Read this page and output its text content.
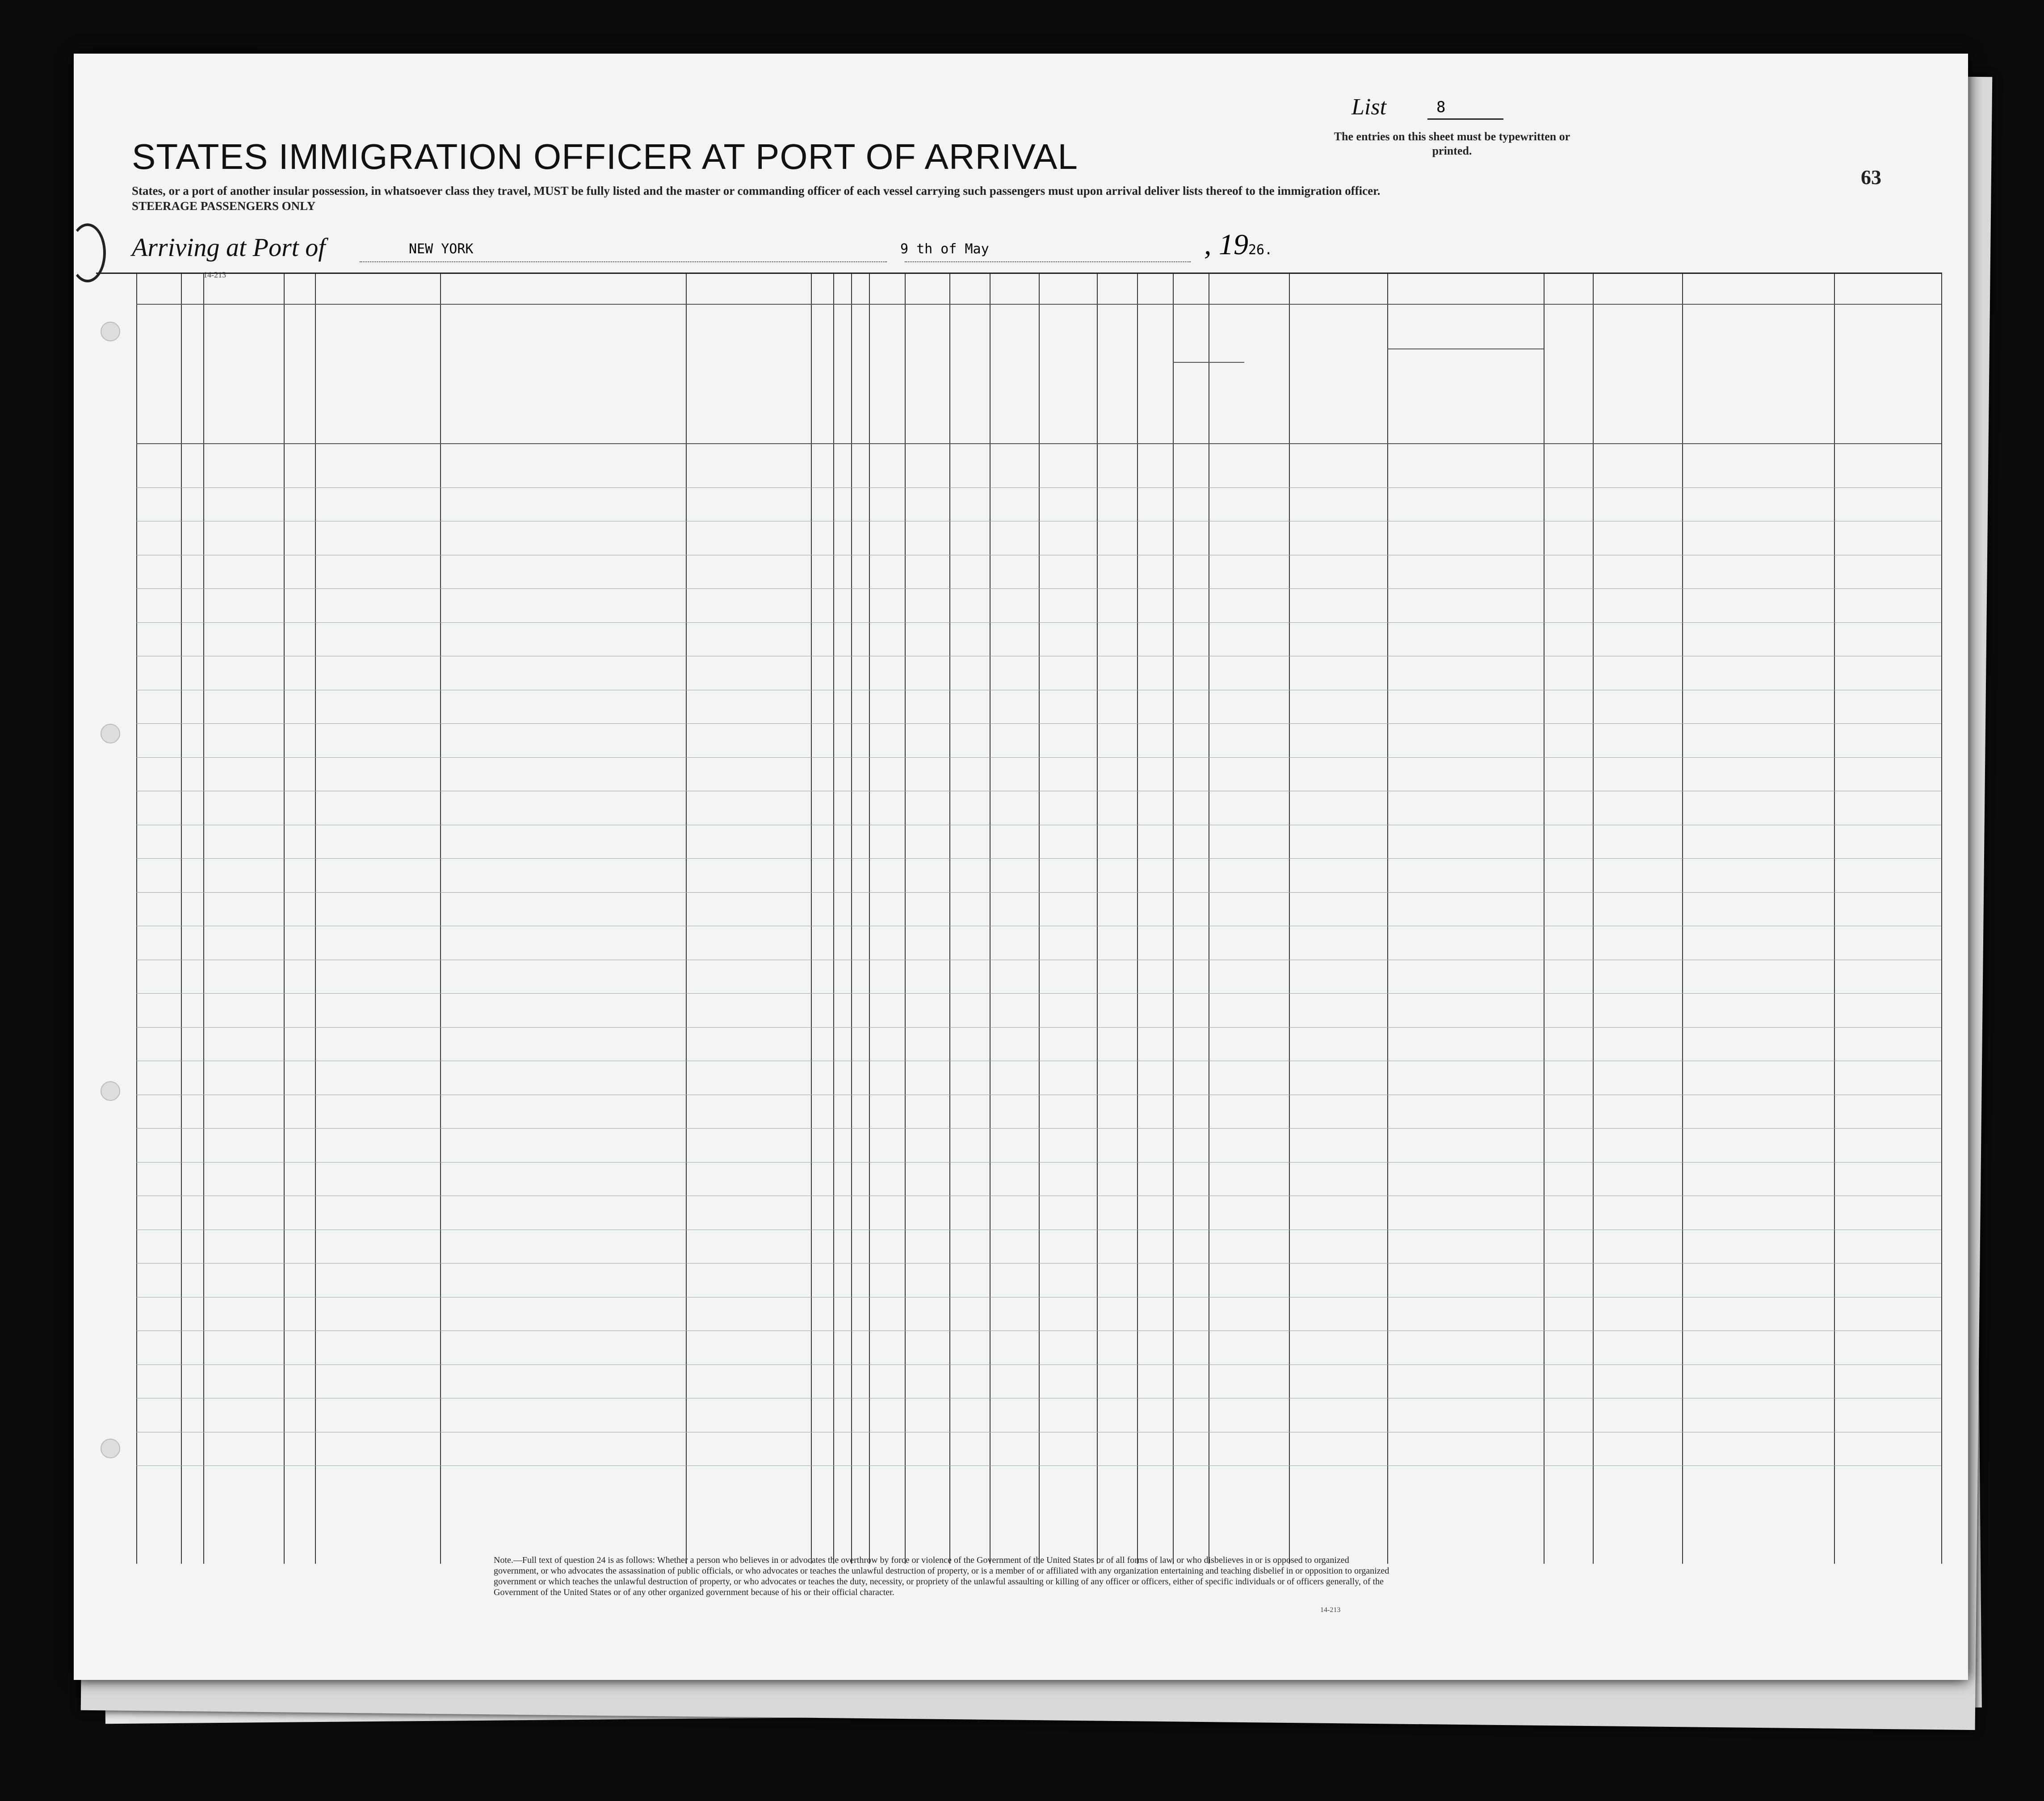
List	8
The entries on this sheet must be typewritten or printed.
STATES IMMIGRATION OFFICER AT PORT OF ARRIVAL
63
States, or a port of another insular possession, in whatsoever class they travel, MUST be fully listed and the master or commanding officer of each vessel carrying such passengers must upon arrival deliver lists thereof to the immigration officer.
STEERAGE PASSENGERS ONLY
Arriving at Port of	NEW YORK	9 th of May	, 1926.
14-213
Note.—Full text of question 24 is as follows: Whether a person who believes in or advocates the overthrow by force or violence of the Government of the United States or of all forms of law, or who disbelieves in or is opposed to organized government, or who advocates the assassination of public officials, or who advocates or teaches the unlawful destruction of property, or is a member of or affiliated with any organization entertaining and teaching disbelief in or opposition to organized government or which teaches the unlawful destruction of property, or who advocates or teaches the duty, necessity, or propriety of the unlawful assaulting or killing of any officer or officers, either of specific individuals or of officers generally, of the Government of the United States or of any other organized government because of his or their official character.
14-213
